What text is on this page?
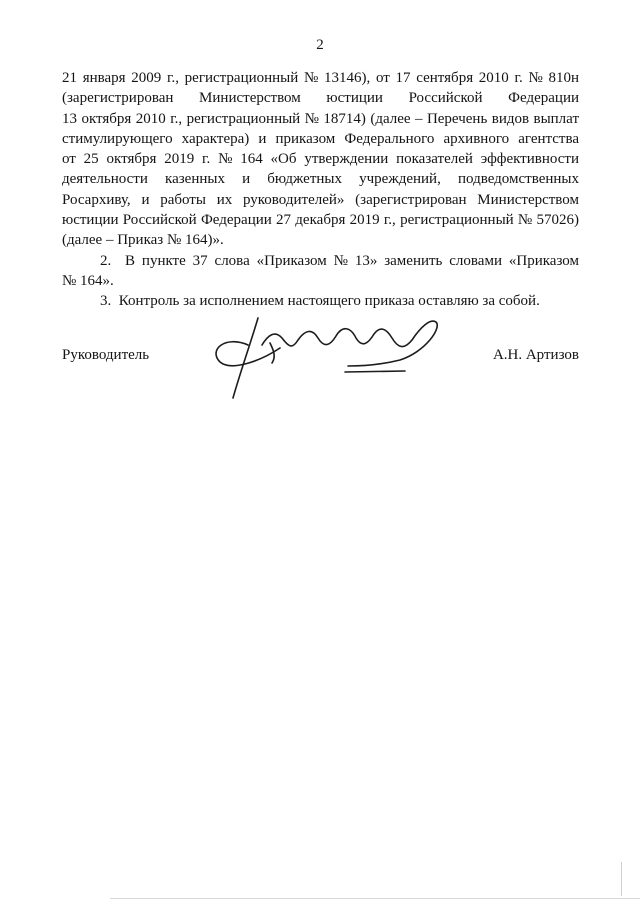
2
21 января 2009 г., регистрационный № 13146), от 17 сентября 2010 г. № 810н
(зарегистрирован Министерством юстиции Российской Федерации
13 октября 2010 г., регистрационный № 18714) (далее – Перечень видов выплат
стимулирующего характера) и приказом Федерального архивного агентства
от 25 октября 2019 г. № 164 «Об утверждении показателей эффективности
деятельности казенных и бюджетных учреждений, подведомственных
Росархиву, и работы их руководителей» (зарегистрирован Министерством
юстиции Российской Федерации 27 декабря 2019 г., регистрационный № 57026)
(далее – Приказ № 164)».
2.  В пункте 37 слова «Приказом № 13» заменить словами «Приказом
№ 164».
3.  Контроль за исполнением настоящего приказа оставляю за собой.
Руководитель	А.Н. Артизов
